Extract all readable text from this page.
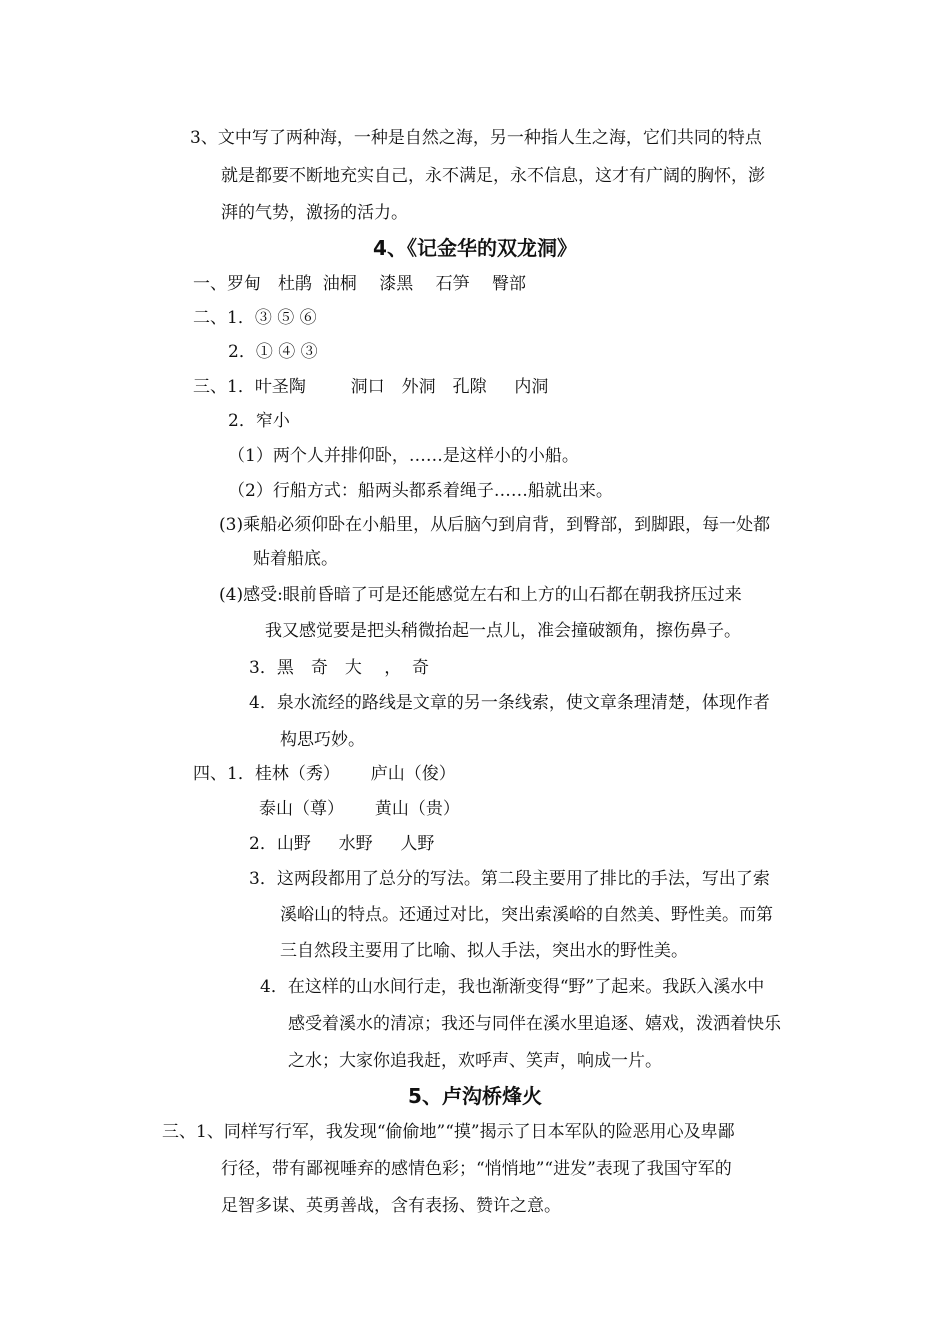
3、文中写了两种海，一种是自然之海，另一种指人生之海，它们共同的特点
就是都要不断地充实自己，永不满足，永不信息，这才有广阔的胸怀，澎
湃的气势，激扬的活力。
4、《记金华的双龙洞》
一、罗甸　杜鹃  油桐　 漆黑　 石笋　 臀部
二、1．③ ⑤ ⑥
2．① ④ ③
三、1．叶圣陶　　  洞口　外洞　孔隙　  内洞
2．窄小
（1）两个人并排仰卧，……是这样小的小船。
（2）行船方式：船两头都系着绳子……船就出来。
(3)乘船必须仰卧在小船里，从后脑勺到肩背，到臀部，到脚跟，每一处都
贴着船底。
(4)感受:眼前昏暗了可是还能感觉左右和上方的山石都在朝我挤压过来
我又感觉要是把头稍微抬起一点儿，准会撞破额角，擦伤鼻子。
3．黑　奇　大　 ，  奇
4．泉水流经的路线是文章的另一条线索，使文章条理清楚，体现作者
构思巧妙。
四、1．桂林（秀）　　 庐山（俊）
泰山（尊）　　 黄山（贵）
2．山野　  水野　  人野
3．这两段都用了总分的写法。第二段主要用了排比的手法，写出了索
溪峪山的特点。还通过对比，突出索溪峪的自然美、野性美。而第
三自然段主要用了比喻、拟人手法，突出水的野性美。
4．在这样的山水间行走，我也渐渐变得“野”了起来。我跃入溪水中
感受着溪水的清凉；我还与同伴在溪水里追逐、嬉戏，泼洒着快乐
之水；大家你追我赶，欢呼声、笑声，响成一片。
5、卢沟桥烽火
三、1、同样写行军，我发现“偷偷地”“摸”揭示了日本军队的险恶用心及卑鄙
行径，带有鄙视唾弃的感情色彩；“悄悄地”“进发”表现了我国守军的
足智多谋、英勇善战，含有表扬、赞许之意。
